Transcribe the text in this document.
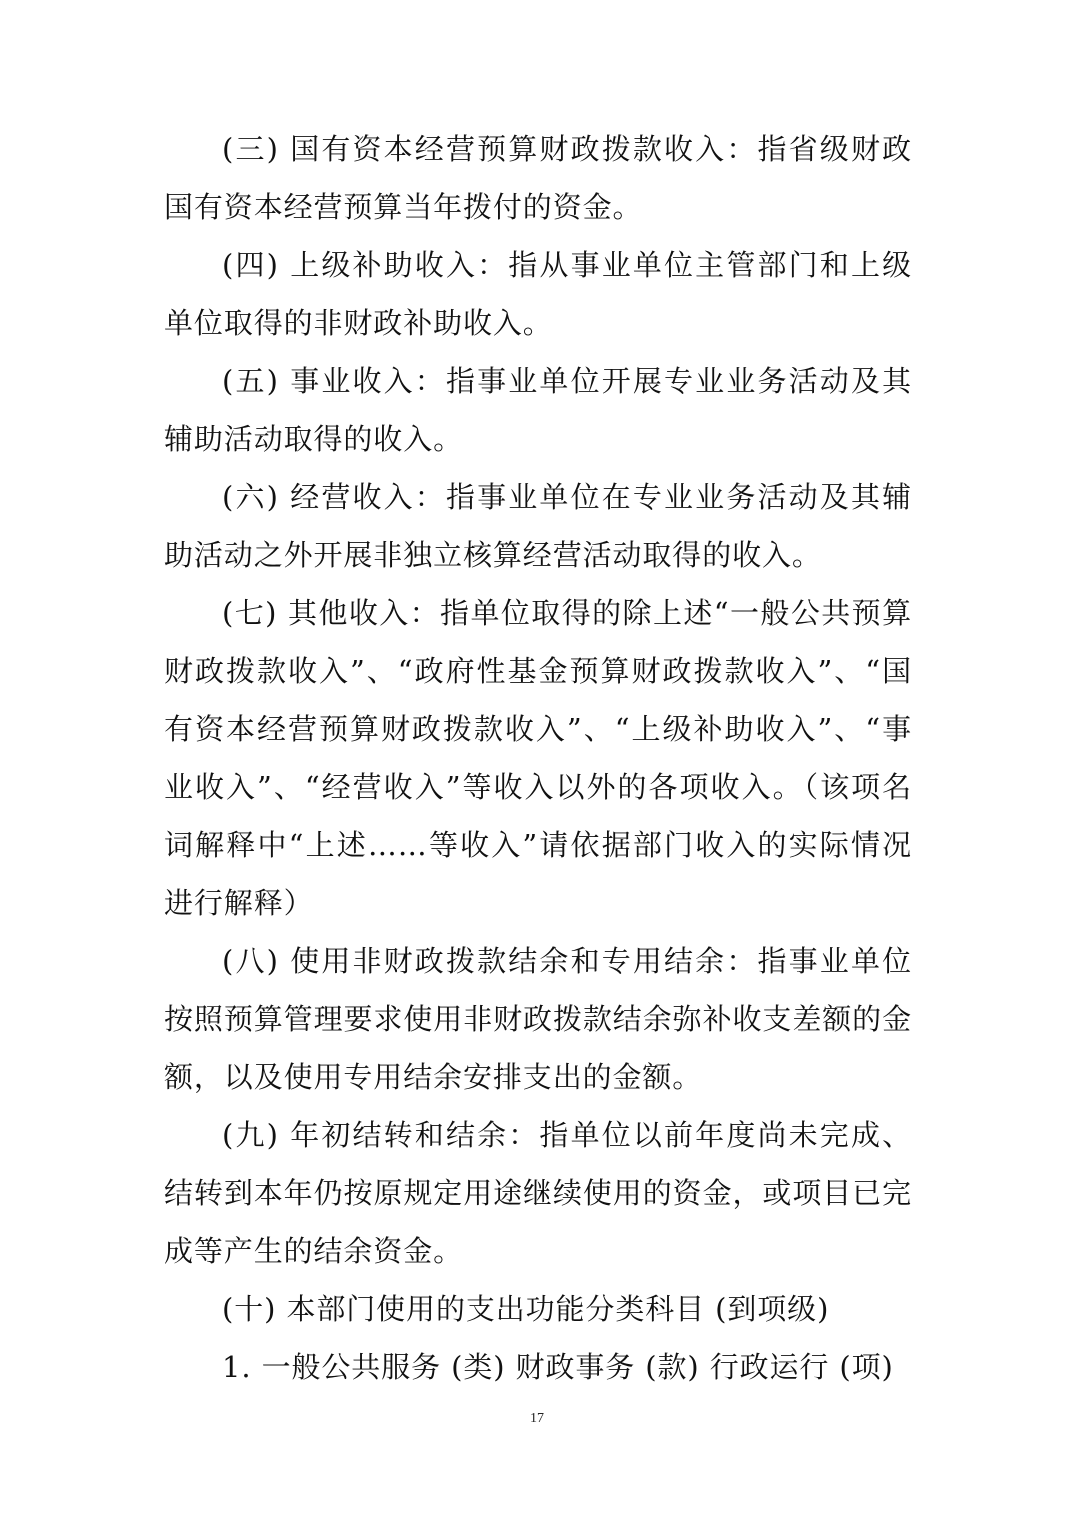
(三) 国有资本经营预算财政拨款收入：指省级财政国有资本经营预算当年拨付的资金。

(四) 上级补助收入：指从事业单位主管部门和上级单位取得的非财政补助收入。

(五) 事业收入：指事业单位开展专业业务活动及其辅助活动取得的收入。

(六) 经营收入：指事业单位在专业业务活动及其辅助活动之外开展非独立核算经营活动取得的收入。

(七) 其他收入：指单位取得的除上述“一般公共预算财政拨款收入”、“政府性基金预算财政拨款收入”、“国有资本经营预算财政拨款收入”、“上级补助收入”、“事业收入”、“经营收入”等收入以外的各项收入。（该项名词解释中“上述……等收入”请依据部门收入的实际情况进行解释）

(八) 使用非财政拨款结余和专用结余：指事业单位按照预算管理要求使用非财政拨款结余弥补收支差额的金额，以及使用专用结余安排支出的金额。

(九) 年初结转和结余：指单位以前年度尚未完成、结转到本年仍按原规定用途继续使用的资金，或项目已完成等产生的结余资金。

(十) 本部门使用的支出功能分类科目 (到项级)

1. 一般公共服务 (类) 财政事务 (款) 行政运行 (项)

17
